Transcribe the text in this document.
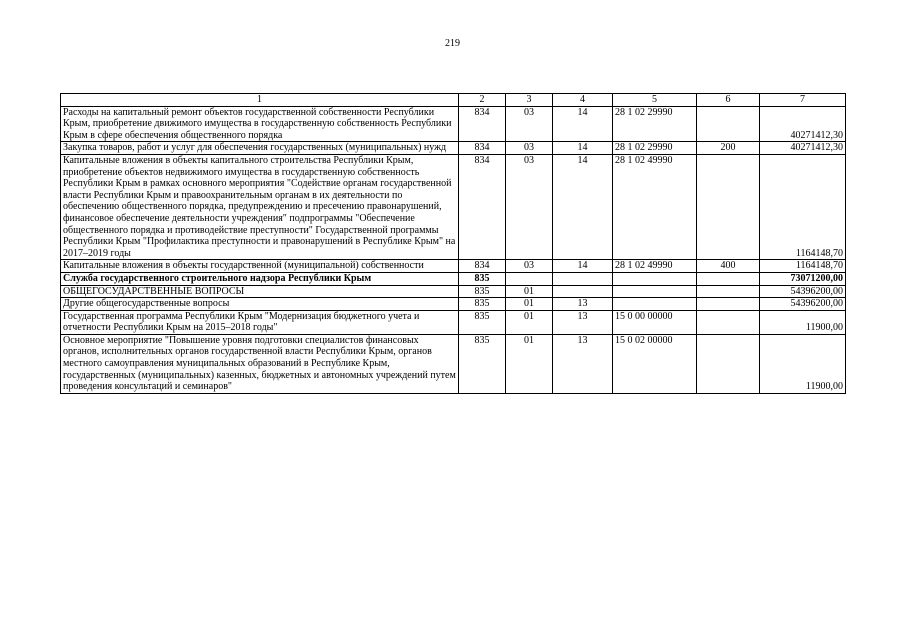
219
1	2	3	4	5	6	7
Расходы на капитальный ремонт объектов государственной собственности Республики Крым, приобретение движимого имущества в государственную собственность Республики Крым в сфере обеспечения общественного порядка	834	03	14	28 1 02 29990		40271412,30
Закупка товаров, работ и услуг для обеспечения государственных (муниципальных) нужд	834	03	14	28 1 02 29990	200	40271412,30
Капитальные вложения в объекты капитального строительства Республики Крым, приобретение объектов недвижимого имущества в государственную собственность Республики Крым в рамках основного мероприятия "Содействие органам государственной власти Республики Крым и правоохранительным органам в их деятельности по обеспечению общественного порядка, предупреждению и пресечению правонарушений, финансовое обеспечение деятельности учреждения" подпрограммы "Обеспечение общественного порядка и противодействие преступности" Государственной программы Республики Крым "Профилактика преступности и правонарушений в Республике Крым" на 2017–2019 годы	834	03	14	28 1 02 49990		1164148,70
Капитальные вложения в объекты государственной (муниципальной) собственности	834	03	14	28 1 02 49990	400	1164148,70
Служба государственного строительного надзора Республики Крым	835					73071200,00
ОБЩЕГОСУДАРСТВЕННЫЕ ВОПРОСЫ	835	01				54396200,00
Другие общегосударственные вопросы	835	01	13			54396200,00
Государственная программа Республики Крым "Модернизация бюджетного учета и отчетности Республики Крым на 2015–2018 годы"	835	01	13	15 0 00 00000		11900,00
Основное мероприятие "Повышение уровня подготовки специалистов финансовых органов, исполнительных органов государственной власти Республики Крым, органов местного самоуправления муниципальных образований в Республике Крым, государственных (муниципальных) казенных, бюджетных и автономных учреждений путем проведения консультаций и семинаров"	835	01	13	15 0 02 00000		11900,00
